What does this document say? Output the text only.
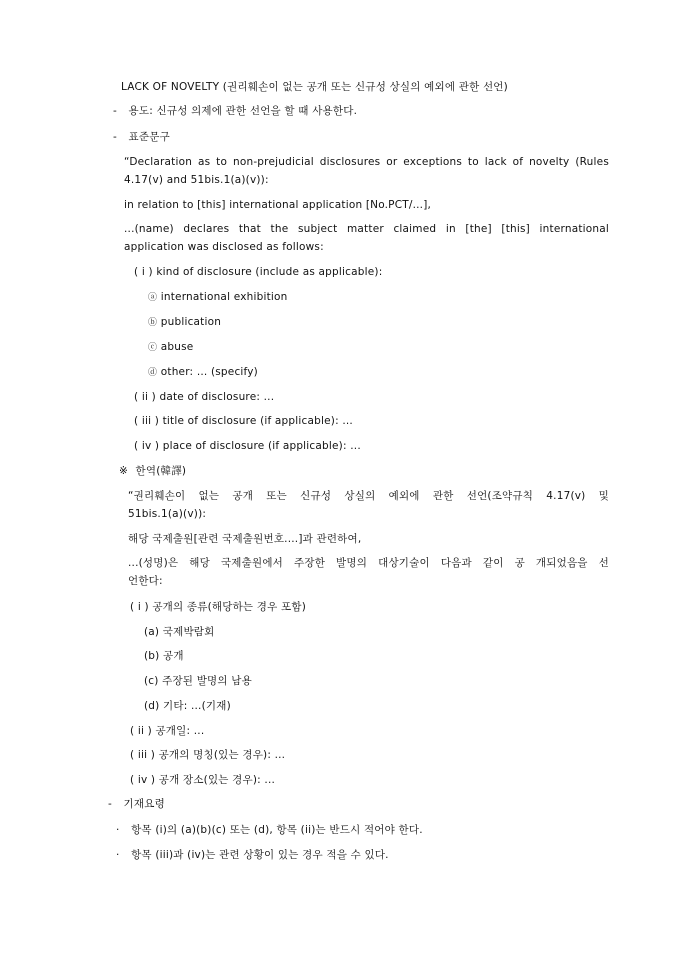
LACK OF NOVELTY (권리훼손이 없는 공개 또는 신규성 상실의 예외에 관한 선언)
- 용도: 신규성 의제에 관한 선언을 할 때 사용한다.
- 표준문구
“Declaration as to non-prejudicial disclosures or exceptions to lack of novelty (Rules
4.17(v) and 51bis.1(a)(v)):
in relation to [this] international application [No.PCT/...],
...(name) declares that the subject matter claimed in [the] [this] international
application was disclosed as follows:
( i ) kind of disclosure (include as applicable):
ⓐ international exhibition
ⓑ publication
ⓒ abuse
ⓓ other: ... (specify)
( ii ) date of disclosure: ...
( iii ) title of disclosure (if applicable): ...
( iv ) place of disclosure (if applicable): ...
※ 한역(韓譯)
“권리훼손이 없는 공개 또는 신규성 상실의 예외에 관한 선언(조약규칙 4.17(v) 및
51bis.1(a)(v)):
해당 국제출원[관련 국제출원번호....]과 관련하여,
...(성명)은 해당 국제출원에서 주장한 발명의 대상기술이 다음과 같이 공 개되었음을 선
언한다:
( i ) 공개의 종류(해당하는 경우 포함)
(a) 국제박람회
(b) 공개
(c) 주장된 발명의 남용
(d) 기타: ...(기재)
( ii ) 공개일: ...
( iii ) 공개의 명칭(있는 경우): ...
( iv ) 공개 장소(있는 경우): ...
- 기재요령
· 항목 (i)의 (a)(b)(c) 또는 (d), 항목 (ii)는 반드시 적어야 한다.
· 항목 (iii)과 (iv)는 관련 상황이 있는 경우 적을 수 있다.
